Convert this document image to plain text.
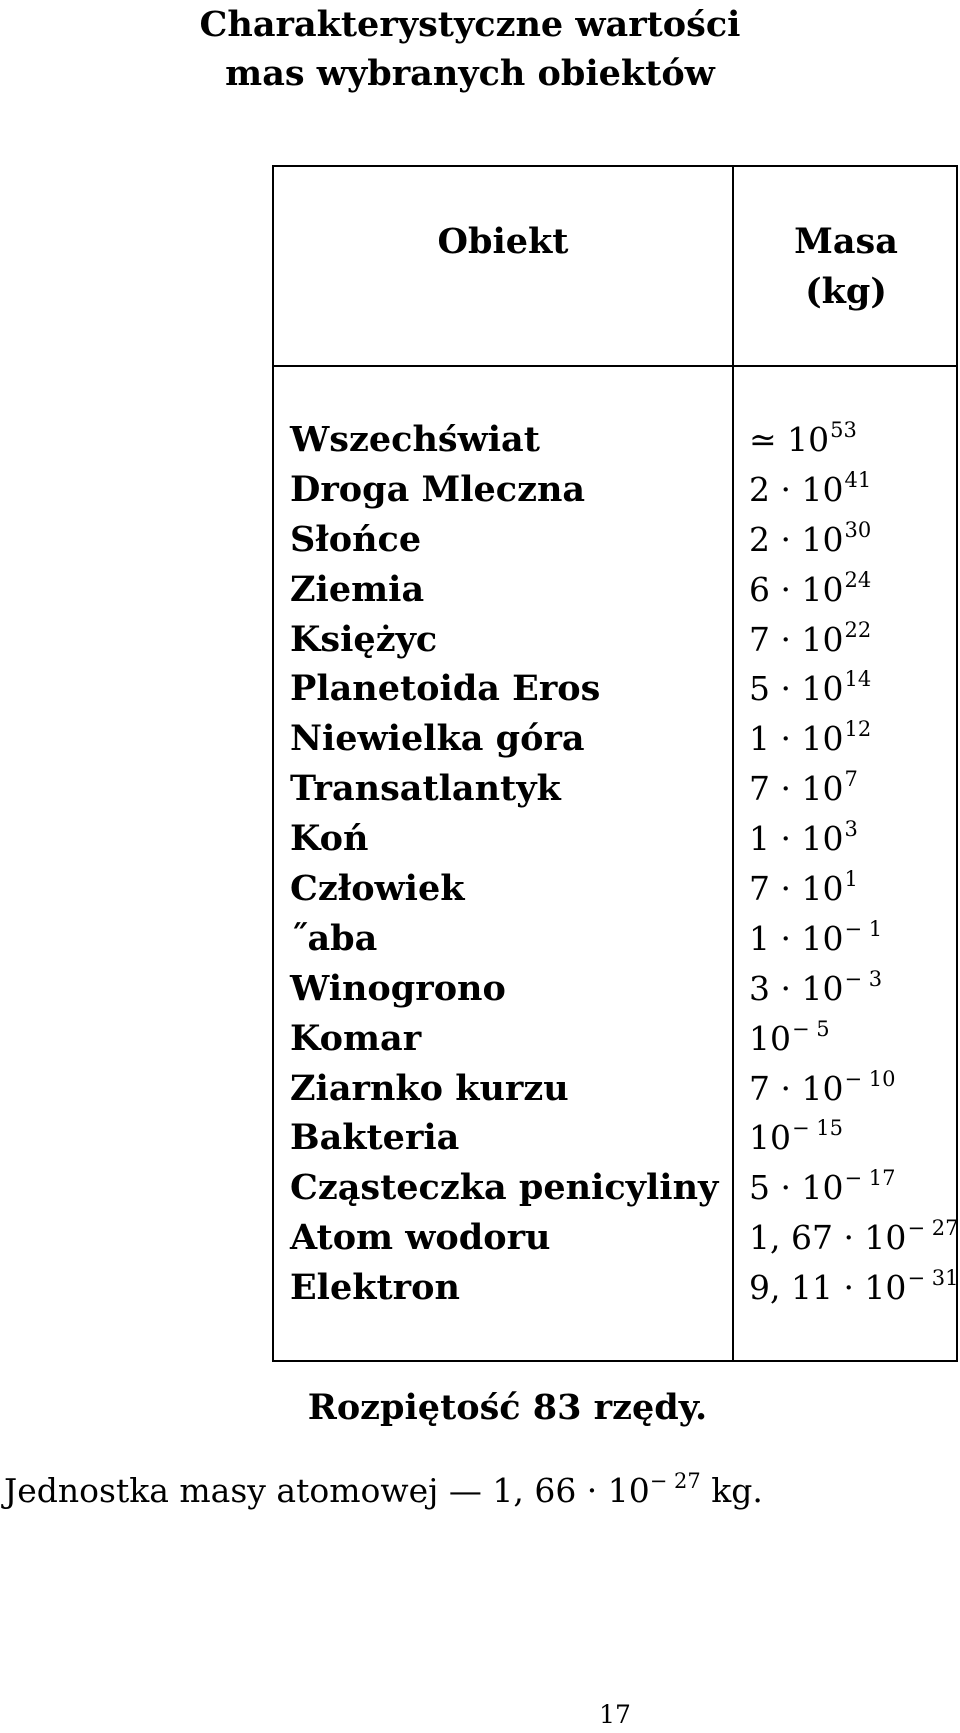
Charakterystyczne wartości
mas wybranych obiektów
Obiekt	Masa
(kg)
Wszechświat	≃ $10^{53}$
Droga Mleczna	$2 \cdot 10^{41}$
Słońce	$2 \cdot 10^{30}$
Ziemia	$6 \cdot 10^{24}$
Księżyc	$7 \cdot 10^{22}$
Planetoida Eros	$5 \cdot 10^{14}$
Niewielka góra	$1 \cdot 10^{12}$
Transatlantyk	$7 \cdot 10^7$
Koń	$1 \cdot 10^3$
Człowiek	$7 \cdot 10^1$
˝aba	$1 \cdot 10^{- 1}$
Winogrono	$3 \cdot 10^{- 3}$
Komar	$10^{- 5}$
Ziarnko kurzu	$7 \cdot 10^{- 10}$
Bakteria	$10^{- 15}$
Cząsteczka penicyliny $5 \cdot 10^{- 17}$
Atom wodoru	1, $67 \cdot 10^{- 27}$
Elektron	9, $11 \cdot 10^{- 31}$
Rozpiętość 83 rzędy.
Jednostka masy atomowej — 1, $66 \cdot 10^{- 27}$ kg.
17
